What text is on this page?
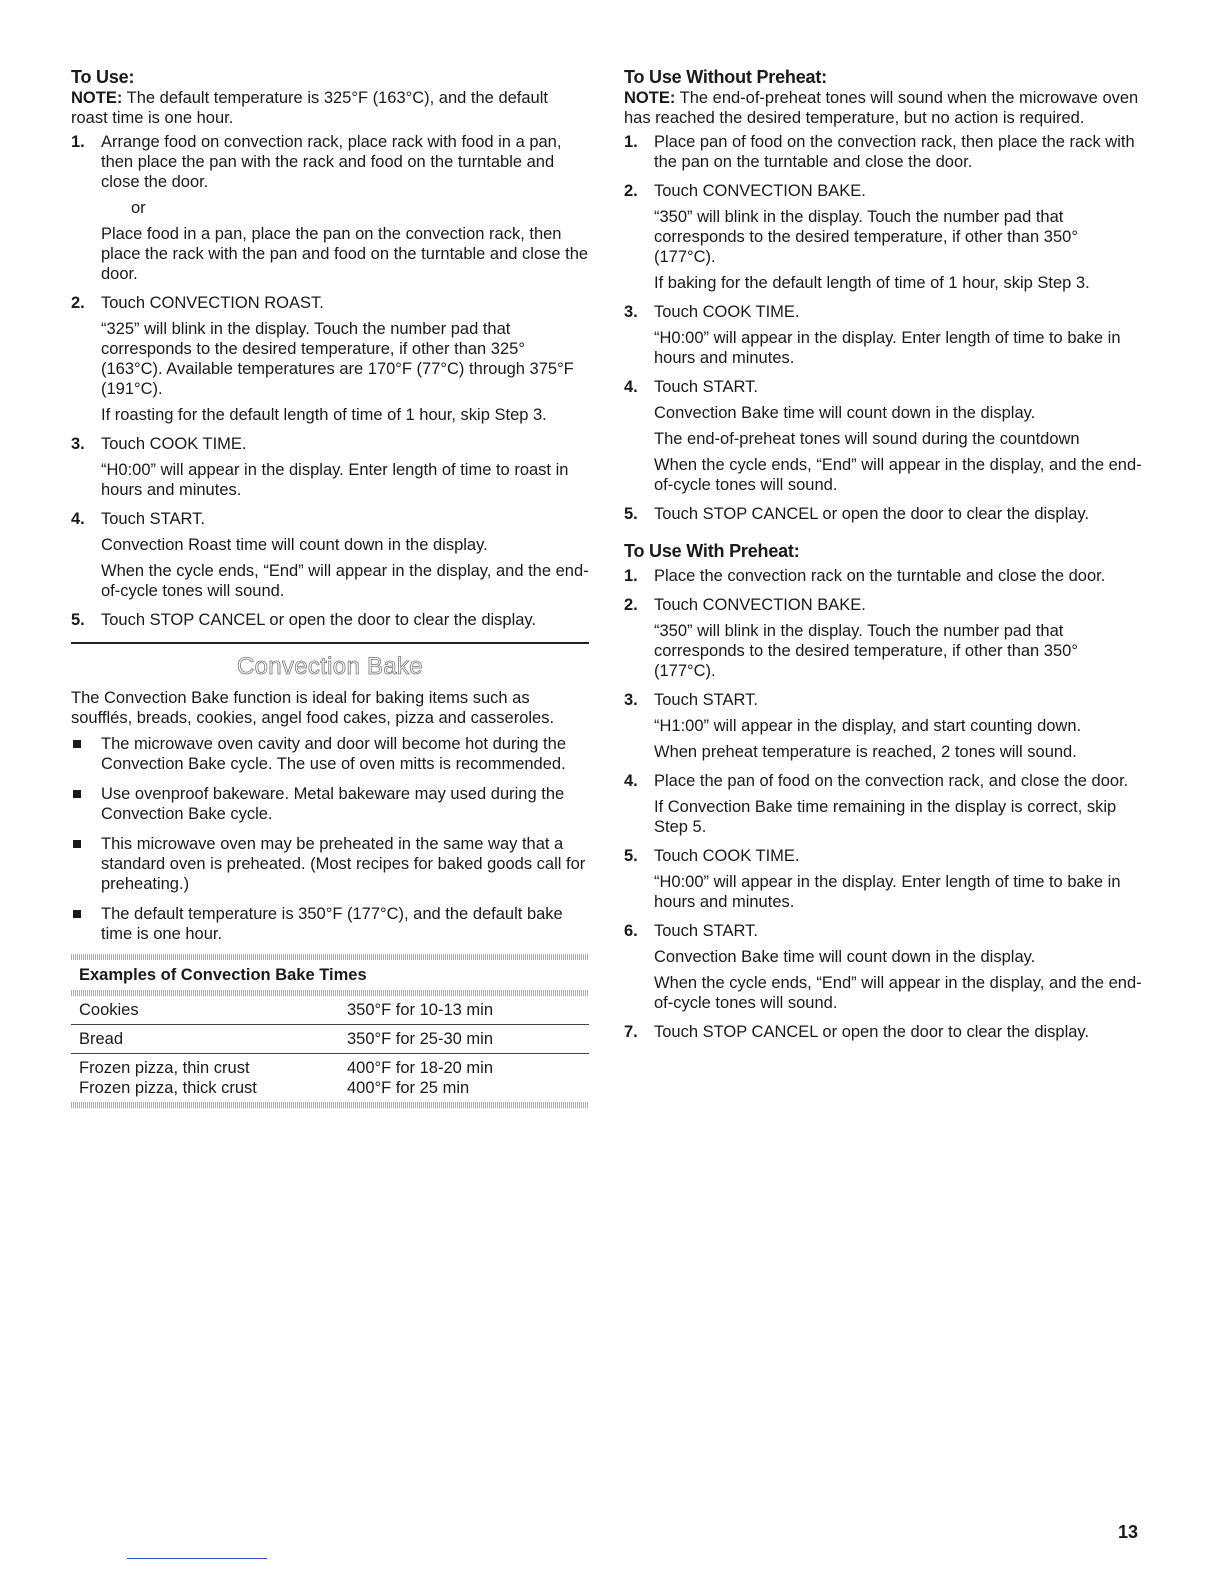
To Use:

NOTE: The default temperature is 325°F (163°C), and the default roast time is one hour.

1. Arrange food on convection rack, place rack with food in a pan, then place the pan with the rack and food on the turntable and close the door.

or

Place food in a pan, place the pan on the convection rack, then place the rack with the pan and food on the turntable and close the door.

2. Touch CONVECTION ROAST.

“325” will blink in the display. Touch the number pad that corresponds to the desired temperature, if other than 325° (163°C). Available temperatures are 170°F (77°C) through 375°F (191°C).

If roasting for the default length of time of 1 hour, skip Step 3.

3. Touch COOK TIME.

“H0:00” will appear in the display. Enter length of time to roast in hours and minutes.

4. Touch START.

Convection Roast time will count down in the display.

When the cycle ends, “End” will appear in the display, and the end-of-cycle tones will sound.

5. Touch STOP CANCEL or open the door to clear the display.

Convection Bake

The Convection Bake function is ideal for baking items such as soufflés, breads, cookies, angel food cakes, pizza and casseroles.

The microwave oven cavity and door will become hot during the Convection Bake cycle. The use of oven mitts is recommended.
Use ovenproof bakeware. Metal bakeware may used during the Convection Bake cycle.
This microwave oven may be preheated in the same way that a standard oven is preheated. (Most recipes for baked goods call for preheating.)
The default temperature is 350°F (177°C), and the default bake time is one hour.
Examples of Convection Bake Times
Cookies	350°F for 10-13 min
Bread	350°F for 25-30 min
Frozen pizza, thin crust	400°F for 18-20 min
Frozen pizza, thick crust	400°F for 25 min
To Use Without Preheat:

NOTE: The end-of-preheat tones will sound when the microwave oven has reached the desired temperature, but no action is required.

1. Place pan of food on the convection rack, then place the rack with the pan on the turntable and close the door.

2. Touch CONVECTION BAKE.

“350” will blink in the display. Touch the number pad that corresponds to the desired temperature, if other than 350° (177°C).

If baking for the default length of time of 1 hour, skip Step 3.

3. Touch COOK TIME.

“H0:00” will appear in the display. Enter length of time to bake in hours and minutes.

4. Touch START.

Convection Bake time will count down in the display.

The end-of-preheat tones will sound during the countdown

When the cycle ends, “End” will appear in the display, and the end-of-cycle tones will sound.

5. Touch STOP CANCEL or open the door to clear the display.

To Use With Preheat:
1. Place the convection rack on the turntable and close the door.

2. Touch CONVECTION BAKE.

“350” will blink in the display. Touch the number pad that corresponds to the desired temperature, if other than 350° (177°C).

3. Touch START.

“H1:00” will appear in the display, and start counting down.

When preheat temperature is reached, 2 tones will sound.

4. Place the pan of food on the convection rack, and close the door.

If Convection Bake time remaining in the display is correct, skip Step 5.

5. Touch COOK TIME.

“H0:00” will appear in the display. Enter length of time to bake in hours and minutes.

6. Touch START.

Convection Bake time will count down in the display.

When the cycle ends, “End” will appear in the display, and the end-of-cycle tones will sound.

7. Touch STOP CANCEL or open the door to clear the display.

13
